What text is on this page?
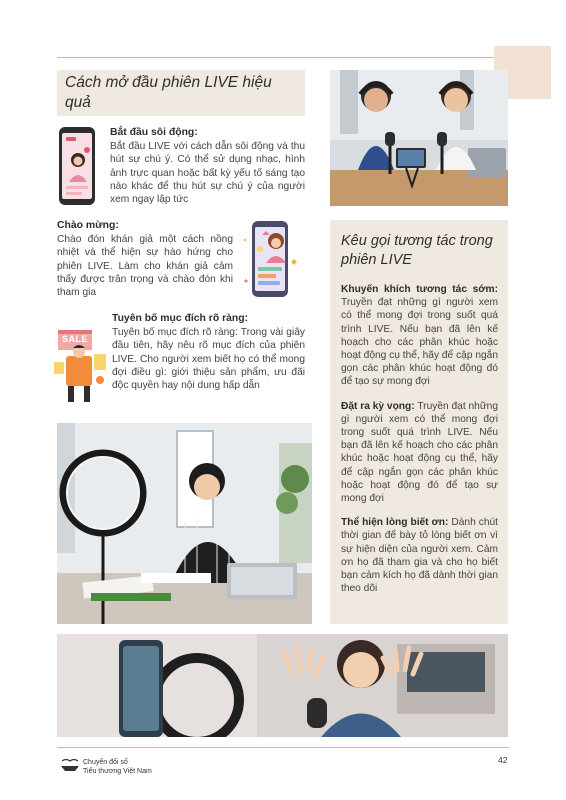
Cách mở đầu phiên LIVE hiệu quả
Bắt đầu sôi động:

Bắt đầu LIVE với cách dẫn sôi động và thu hút sự chú ý. Có thể sử dụng nhạc, hình ảnh trực quan hoặc bất kỳ yếu tố sáng tạo nào khác để thu hút sự chú ý của người xem ngay lập tức

Chào mừng:

Chào đón khán giả một cách nồng nhiệt và thể hiện sự hào hứng cho phiên LIVE. Làm cho khán giả cảm thấy được trân trọng và chào đón khi tham gia

SALE
Tuyên bố mục đích rõ ràng:

Tuyên bố mục đích rõ ràng: Trong vài giây đầu tiên, hãy nêu rõ mục đích của phiên LIVE. Cho người xem biết họ có thể mong đợi điều gì: giới thiệu sản phẩm, ưu đãi độc quyền hay nội dung hấp dẫn

Kêu gọi tương tác trong phiên LIVE
Khuyến khích tương tác sớm: Truyền đạt những gì người xem có thể mong đợi trong suốt quá trình LIVE. Nếu bạn đã lên kế hoạch cho các phân khúc hoặc hoạt động cụ thể, hãy để cập ngắn gọn các phân khúc hoạt động đó để tạo sự mong đợi
Đặt ra kỳ vọng: Truyền đạt những gì người xem có thể mong đợi trong suốt quá trình LIVE. Nếu bạn đã lên kế hoạch cho các phân khúc hoặc hoạt động cụ thể, hãy để cập ngắn gọn các phân khúc hoặc hoạt động đó để tạo sự mong đợi
Thể hiện lòng biết ơn: Dành chút thời gian để bày tỏ lòng biết ơn vì sự hiện diện của người xem. Cảm ơn họ đã tham gia và cho họ biết bạn cảm kích họ đã dành thời gian theo dõi
Chuyển đổi số
Tiểu thương Việt Nam
42
